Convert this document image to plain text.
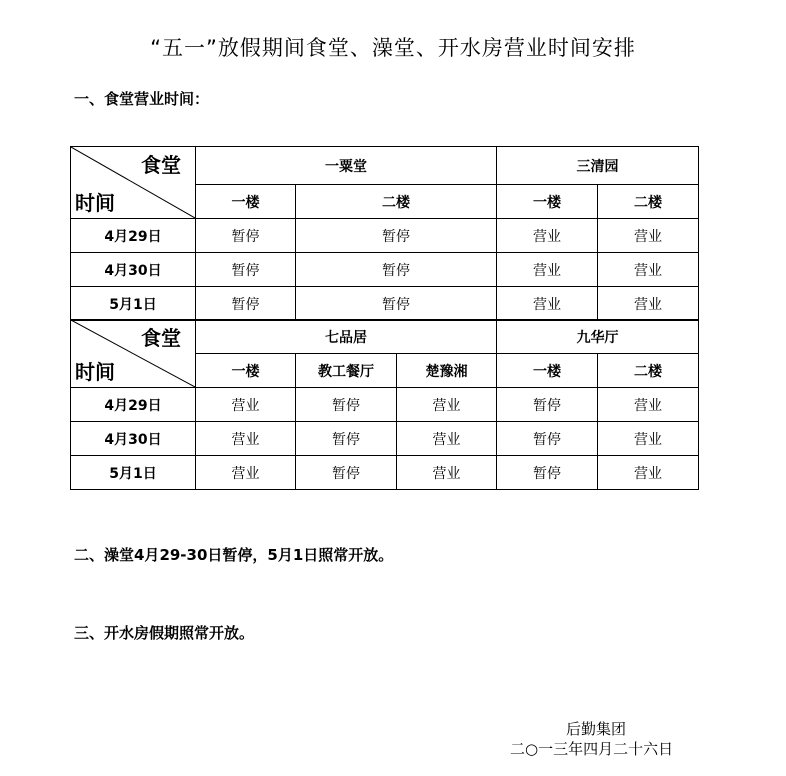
“五一”放假期间食堂、澡堂、开水房营业时间安排
一、食堂营业时间：
食堂
时间	一粟堂		三清园	
	一楼	二楼	一楼	二楼
4月29日	暂停	暂停	营业	营业
4月30日	暂停	暂停	营业	营业
5月1日	暂停	暂停	营业	营业
食堂
时间	七品居			九华厅	
	一楼	教工餐厅	楚豫湘	一楼	二楼
4月29日	营业	暂停	营业	暂停	营业
4月30日	营业	暂停	营业	暂停	营业
5月1日	营业	暂停	营业	暂停	营业
二、澡堂4月29-30日暂停，5月1日照常开放。
三、开水房假期照常开放。
后勤集团
二○一三年四月二十六日
